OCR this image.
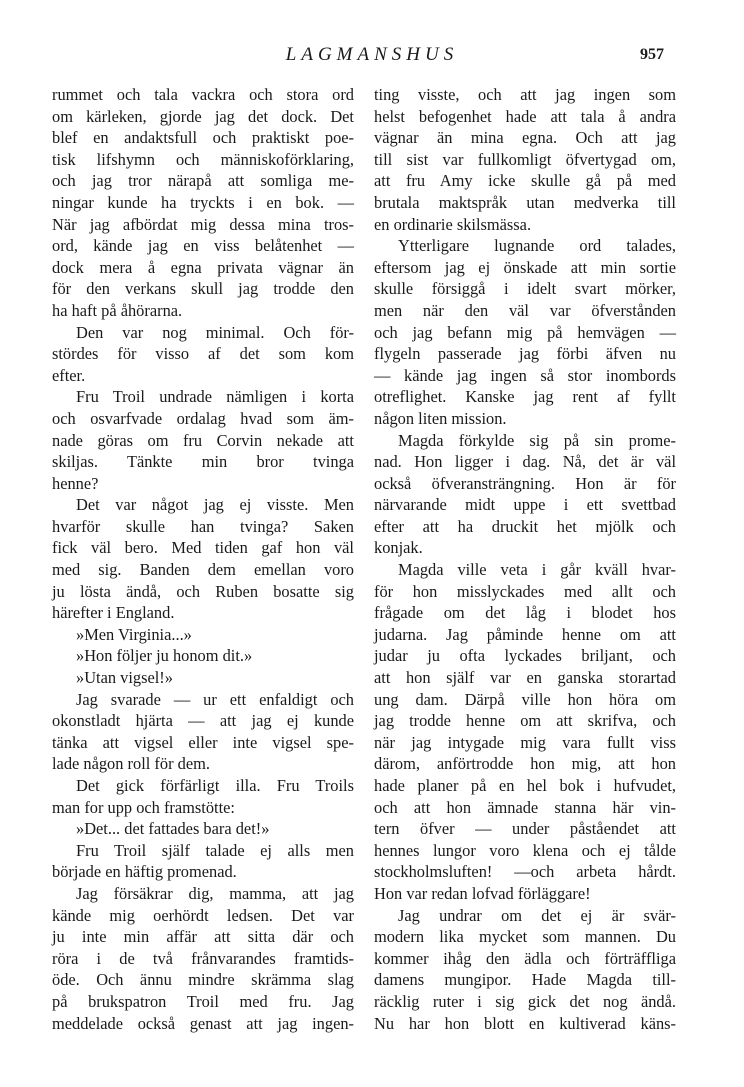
LAGMANSHUS	957
rummet och tala vackra och stora ord
om kärleken, gjorde jag det dock. Det
blef en andaktsfull och praktiskt poe-
tisk lifshymn och människoförklaring,
och jag tror närapå att somliga me-
ningar kunde ha tryckts i en bok. —
När jag afbördat mig dessa mina tros-
ord, kände jag en viss belåtenhet —
dock mera å egna privata vägnar än
för den verkans skull jag trodde den
ha haft på åhörarna.
Den var nog minimal. Och för-
stördes för visso af det som kom
efter.
Fru Troil undrade nämligen i korta
och osvarfvade ordalag hvad som äm-
nade göras om fru Corvin nekade att
skiljas. Tänkte min bror tvinga
henne?
Det var något jag ej visste. Men
hvarför skulle han tvinga? Saken
fick väl bero. Med tiden gaf hon väl
med sig. Banden dem emellan voro
ju lösta ändå, och Ruben bosatte sig
härefter i England.
»Men Virginia...»
»Hon följer ju honom dit.»
»Utan vigsel!»
Jag svarade — ur ett enfaldigt och
okonstladt hjärta — att jag ej kunde
tänka att vigsel eller inte vigsel spe-
lade någon roll för dem.
Det gick förfärligt illa. Fru Troils
man for upp och framstötte:
»Det... det fattades bara det!»
Fru Troil själf talade ej alls men
började en häftig promenad.
Jag försäkrar dig, mamma, att jag
kände mig oerhördt ledsen. Det var
ju inte min affär att sitta där och
röra i de två frånvarandes framtids-
öde. Och ännu mindre skrämma slag
på brukspatron Troil med fru. Jag
meddelade också genast att jag ingen-
ting visste, och att jag ingen som
helst befogenhet hade att tala å andra
vägnar än mina egna. Och att jag
till sist var fullkomligt öfvertygad om,
att fru Amy icke skulle gå på med
brutala maktspråk utan medverka till
en ordinarie skilsmässa.
Ytterligare lugnande ord talades,
eftersom jag ej önskade att min sortie
skulle försiggå i idelt svart mörker,
men när den väl var öfverstånden
och jag befann mig på hemvägen —
flygeln passerade jag förbi äfven nu
— kände jag ingen så stor inombords
otreflighet. Kanske jag rent af fyllt
någon liten mission.
Magda förkylde sig på sin prome-
nad. Hon ligger i dag. Nå, det är väl
också öfveransträngning. Hon är för
närvarande midt uppe i ett svettbad
efter att ha druckit het mjölk och
konjak.
Magda ville veta i går kväll hvar-
för hon misslyckades med allt och
frågade om det låg i blodet hos
judarna. Jag påminde henne om att
judar ju ofta lyckades briljant, och
att hon själf var en ganska storartad
ung dam. Därpå ville hon höra om
jag trodde henne om att skrifva, och
när jag intygade mig vara fullt viss
därom, anförtrodde hon mig, att hon
hade planer på en hel bok i hufvudet,
och att hon ämnade stanna här vin-
tern öfver — under påståendet att
hennes lungor voro klena och ej tålde
stockholmsluften! —och arbeta hårdt.
Hon var redan lofvad förläggare!
Jag undrar om det ej är svär-
modern lika mycket som mannen. Du
kommer ihåg den ädla och förträffliga
damens mungipor. Hade Magda till-
räcklig ruter i sig gick det nog ändå.
Nu har hon blott en kultiverad käns-
